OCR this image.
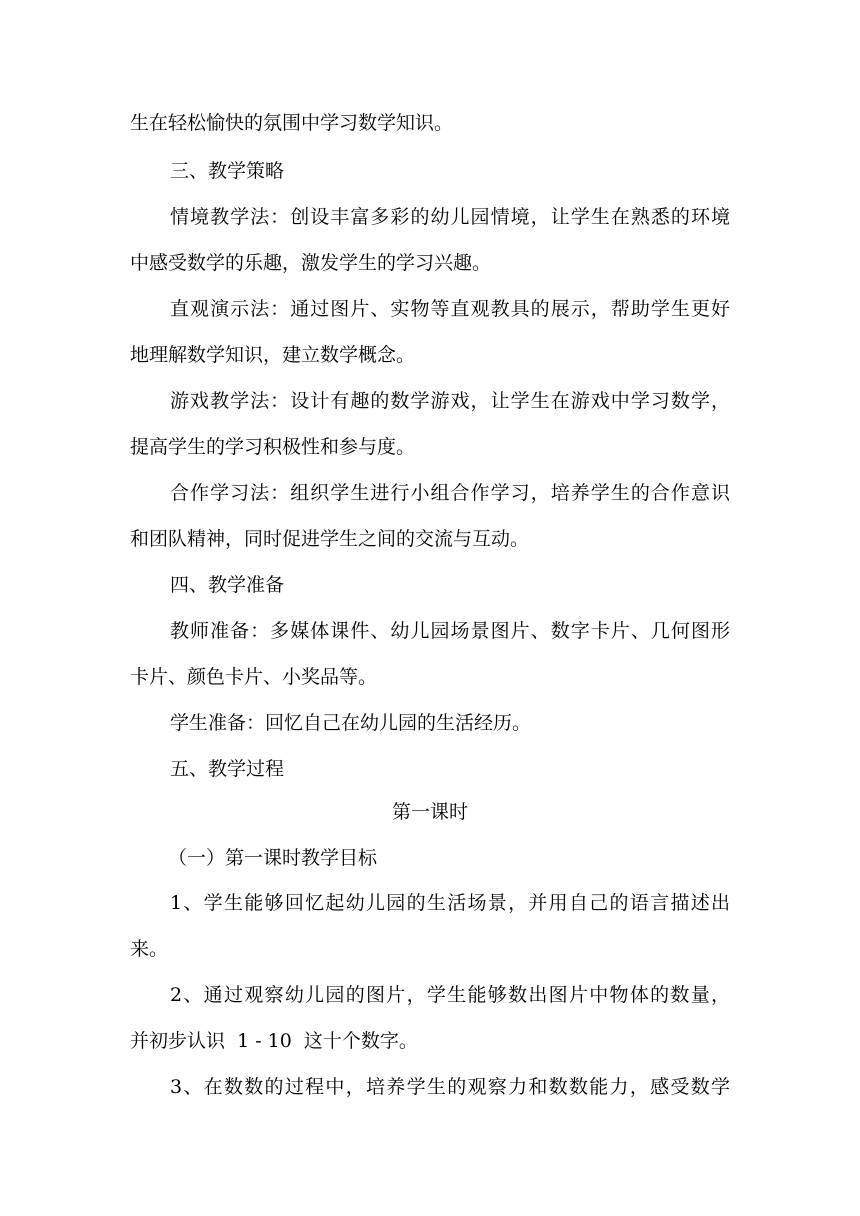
生在轻松愉快的氛围中学习数学知识。
三、教学策略
情境教学法：创设丰富多彩的幼儿园情境，让学生在熟悉的环境
中感受数学的乐趣，激发学生的学习兴趣。
直观演示法：通过图片、实物等直观教具的展示，帮助学生更好
地理解数学知识，建立数学概念。
游戏教学法：设计有趣的数学游戏，让学生在游戏中学习数学，
提高学生的学习积极性和参与度。
合作学习法：组织学生进行小组合作学习，培养学生的合作意识
和团队精神，同时促进学生之间的交流与互动。
四、教学准备
教师准备：多媒体课件、幼儿园场景图片、数字卡片、几何图形
卡片、颜色卡片、小奖品等。
学生准备：回忆自己在幼儿园的生活经历。
五、教学过程
第一课时
（一）第一课时教学目标
1、学生能够回忆起幼儿园的生活场景，并用自己的语言描述出
来。
2、通过观察幼儿园的图片，学生能够数出图片中物体的数量，
并初步认识  1 - 10  这十个数字。
3、在数数的过程中，培养学生的观察力和数数能力，感受数学
